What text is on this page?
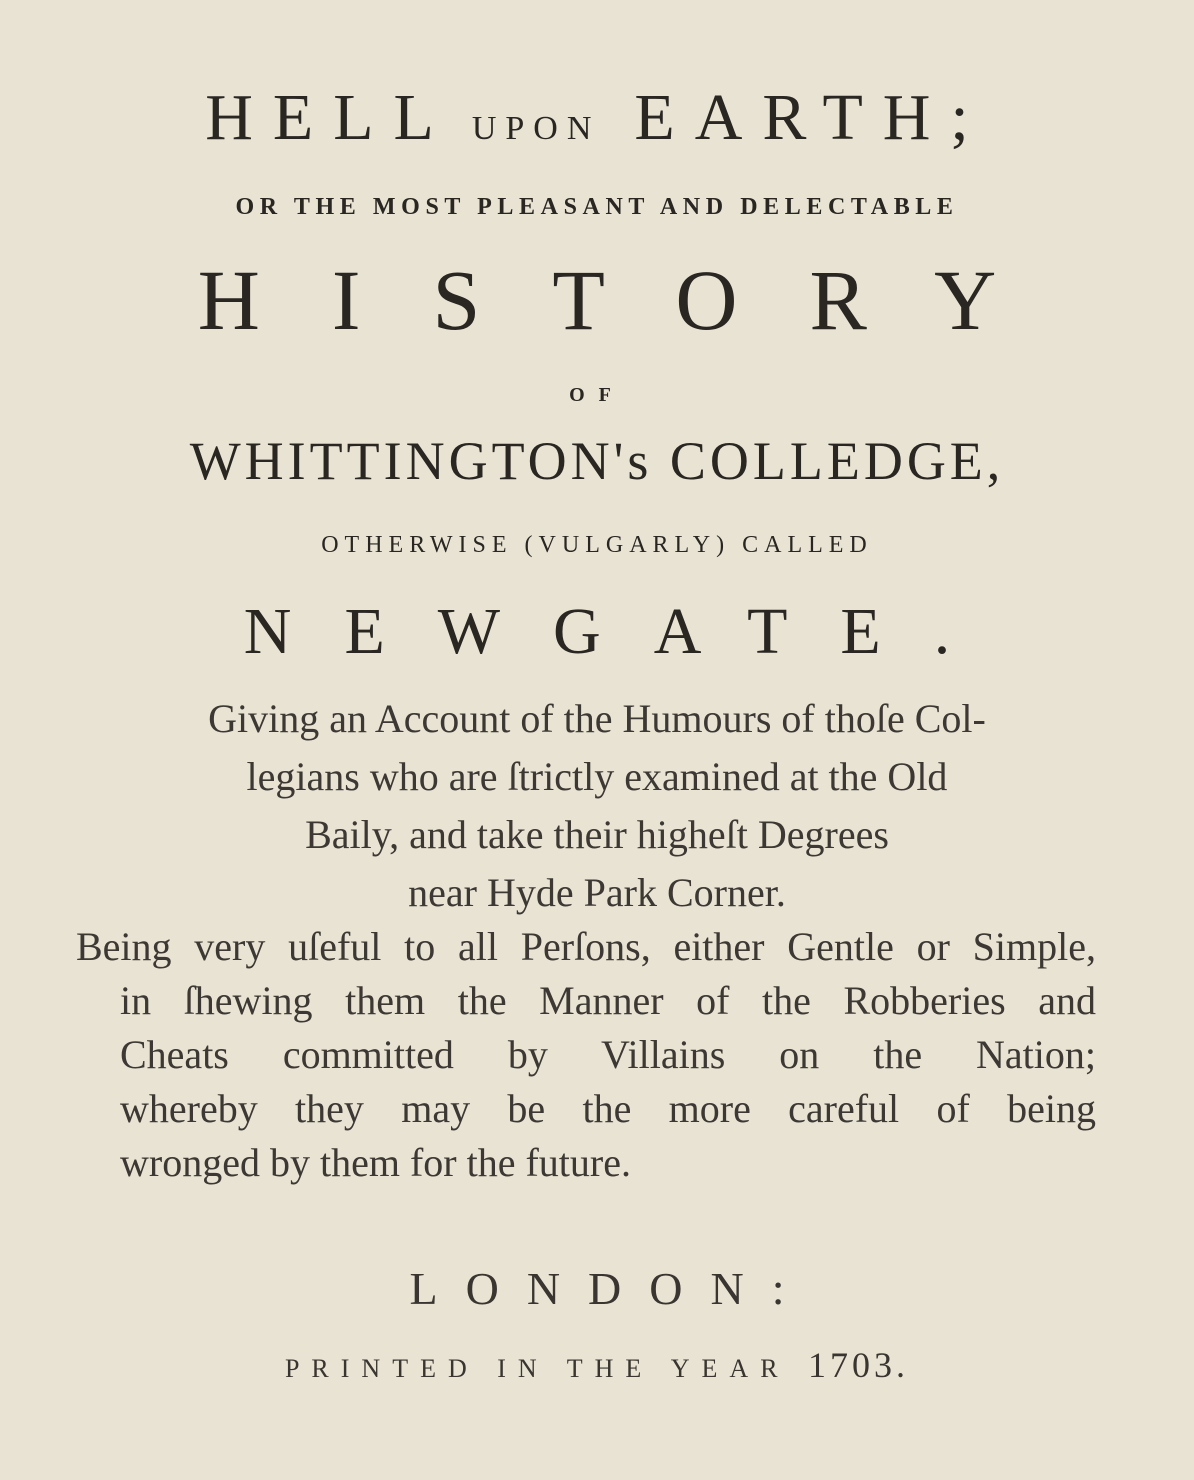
HELL UPON EARTH;
OR THE MOST PLEASANT AND DELECTABLE
HISTORY
OF
WHITTINGTON's COLLEDGE,
OTHERWISE (VULGARLY) CALLED
NEWGATE.
Giving an Account of the Humours of thoſe Col-
legians who are ſtrictly examined at the Old
Baily, and take their higheſt Degrees
near Hyde Park Corner.
Being very uſeful to all Perſons, either Gentle or Simple,
in ſhewing them the Manner of the Robberies and
Cheats committed by Villains on the Nation;
whereby they may be the more careful of being
wronged by them for the future.
LONDON:
PRINTED IN THE YEAR 1703.
